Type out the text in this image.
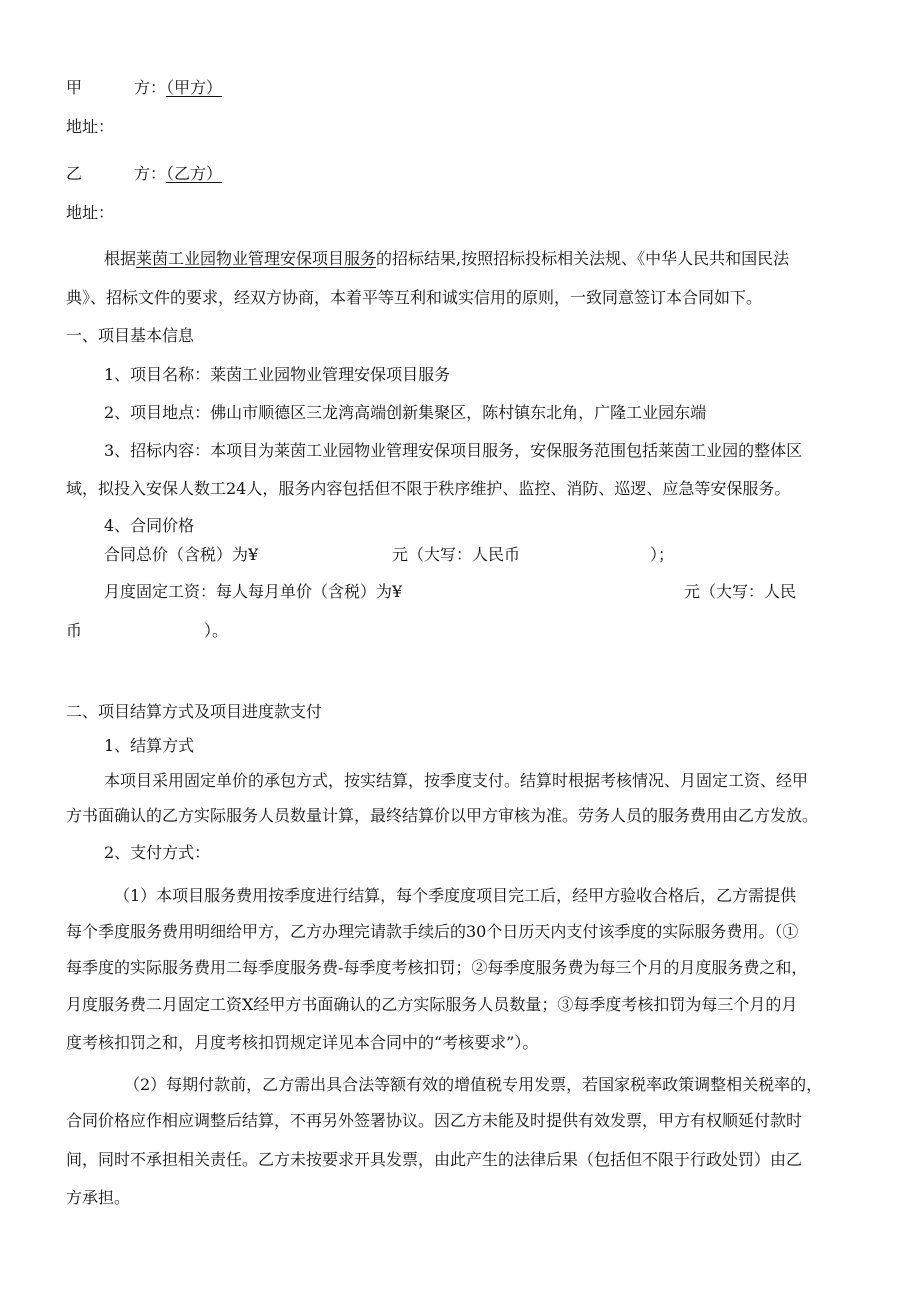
甲	方：（甲方）
地址：
乙	方：（乙方）
地址：
根据莱茵工业园物业管理安保项目服务的招标结果,按照招标投标相关法规、《中华人民共和国民法
典》、招标文件的要求，经双方协商，本着平等互利和诚实信用的原则，一致同意签订本合同如下。
一、项目基本信息
1、项目名称：莱茵工业园物业管理安保项目服务
2、项目地点：佛山市顺德区三龙湾高端创新集聚区，陈村镇东北角，广隆工业园东端
3、招标内容：本项目为莱茵工业园物业管理安保项目服务，安保服务范围包括莱茵工业园的整体区
域，拟投入安保人数工24人，服务内容包括但不限于秩序维护、监控、消防、巡逻、应急等安保服务。
4、合同价格
合同总价（含税）为¥	元（大写：人民币	）；
月度固定工资：每人每月单价（含税）为¥	元（大写：人民
币	）。
二、项目结算方式及项目进度款支付
1、结算方式
本项目采用固定单价的承包方式，按实结算，按季度支付。结算时根据考核情况、月固定工资、经甲
方书面确认的乙方实际服务人员数量计算，最终结算价以甲方审核为准。劳务人员的服务费用由乙方发放。
2、支付方式：
（1）本项目服务费用按季度进行结算，每个季度度项目完工后，经甲方验收合格后，乙方需提供
每个季度服务费用明细给甲方，乙方办理完请款手续后的30个日历天内支付该季度的实际服务费用。（①
每季度的实际服务费用二每季度服务费-每季度考核扣罚；②每季度服务费为每三个月的月度服务费之和，
月度服务费二月固定工资X经甲方书面确认的乙方实际服务人员数量；③每季度考核扣罚为每三个月的月
度考核扣罚之和，月度考核扣罚规定详见本合同中的“考核要求”）。
（2）每期付款前，乙方需出具合法等额有效的增值税专用发票，若国家税率政策调整相关税率的，
合同价格应作相应调整后结算，不再另外签署协议。因乙方未能及时提供有效发票，甲方有权顺延付款时
间，同时不承担相关责任。乙方未按要求开具发票，由此产生的法律后果（包括但不限于行政处罚）由乙
方承担。
